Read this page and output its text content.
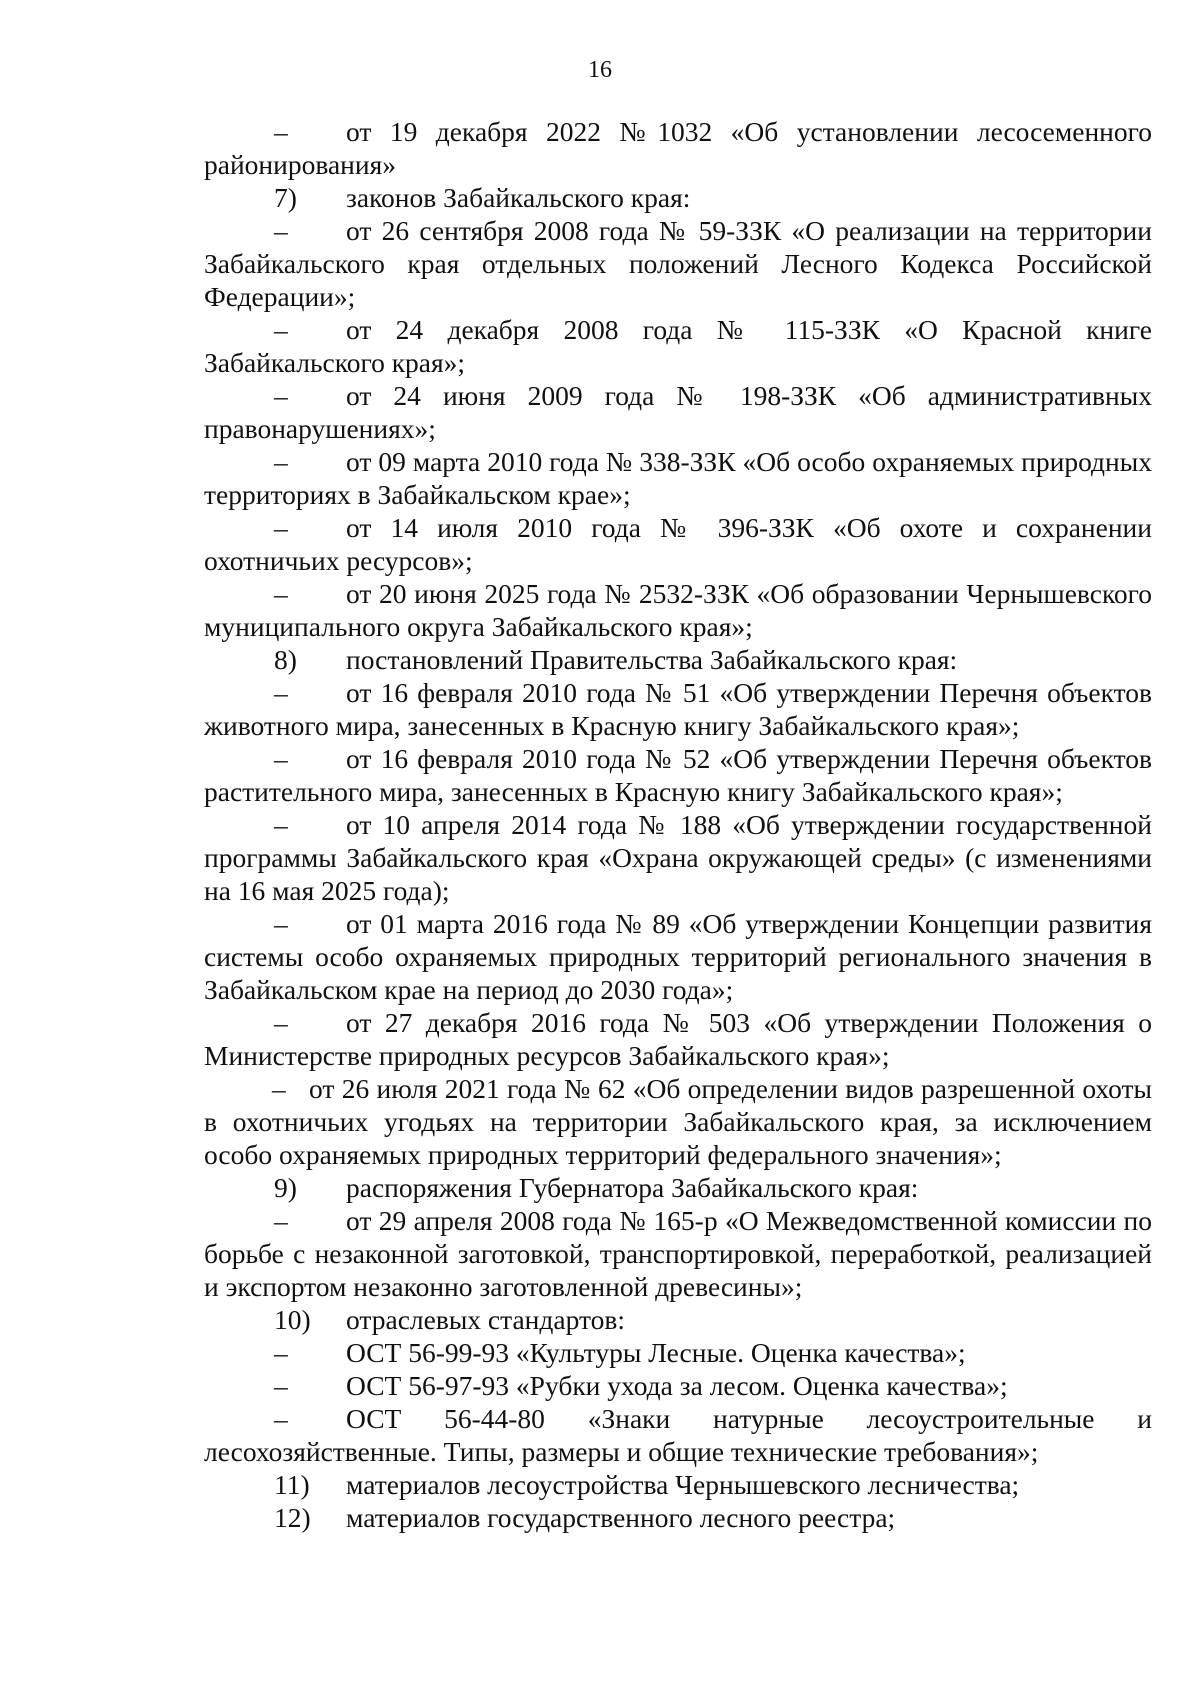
16

– от 19 декабря 2022 №1032 «Об установлении лесосеменного районирования»

7) законов Забайкальского края:

– от 26 сентября 2008 года № 59-ЗЗК «О реализации на территории Забайкальского края отдельных положений Лесного Кодекса Российской Федерации»;

– от 24 декабря 2008 года № 115-ЗЗК «О Красной книге Забайкальского края»;

– от 24 июня 2009 года № 198-ЗЗК «Об административных правонарушениях»;

– от 09 марта 2010 года № 338-ЗЗК «Об особо охраняемых природных территориях в Забайкальском крае»;

– от 14 июля 2010 года № 396-ЗЗК «Об охоте и сохранении охотничьих ресурсов»;

– от 20 июня 2025 года № 2532-ЗЗК «Об образовании Чернышевского муниципального округа Забайкальского края»;

8) постановлений Правительства Забайкальского края:

– от 16 февраля 2010 года № 51 «Об утверждении Перечня объектов животного мира, занесенных в Красную книгу Забайкальского края»;

– от 16 февраля 2010 года № 52 «Об утверждении Перечня объектов растительного мира, занесенных в Красную книгу Забайкальского края»;

– от 10 апреля 2014 года № 188 «Об утверждении государственной программы Забайкальского края «Охрана окружающей среды» (с изменениями на 16 мая 2025 года);

– от 01 марта 2016 года № 89 «Об утверждении Концепции развития системы особо охраняемых природных территорий регионального значения в Забайкальском крае на период до 2030 года»;

– от 27 декабря 2016 года № 503 «Об утверждении Положения о Министерстве природных ресурсов Забайкальского края»;

– от 26 июля 2021 года № 62 «Об определении видов разрешенной охоты в охотничьих угодьях на территории Забайкальского края, за исключением особо охраняемых природных территорий федерального значения»;

9) распоряжения Губернатора Забайкальского края:

– от 29 апреля 2008 года № 165-р «О Межведомственной комиссии по борьбе с незаконной заготовкой, транспортировкой, переработкой, реализацией и экспортом незаконно заготовленной древесины»;

10) отраслевых стандартов:

– ОСТ 56-99-93 «Культуры Лесные. Оценка качества»;

– ОСТ 56-97-93 «Рубки ухода за лесом. Оценка качества»;

– ОСТ 56-44-80 «Знаки натурные лесоустроительные и лесохозяйственные. Типы, размеры и общие технические требования»;

11) материалов лесоустройства Чернышевского лесничества;

12) материалов государственного лесного реестра;
